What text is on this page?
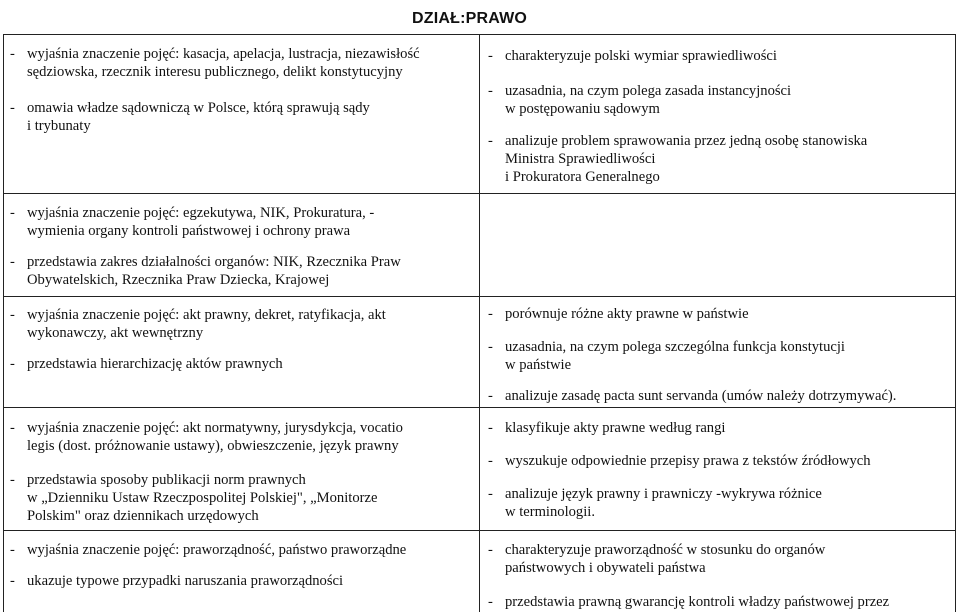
DZIAŁ:PRAWO
- wyjaśnia znaczenie pojęć: kasacja, apelacja, lustracja, niezawisłość
sędziowska, rzecznik interesu publicznego, delikt konstytucyjny
- omawia władze sądowniczą w Polsce, którą sprawują sądy
i trybunaty
- wyjaśnia znaczenie pojęć: egzekutywa, NIK, Prokuratura, -
wymienia organy kontroli państwowej i ochrony prawa
- przedstawia zakres działalności organów: NIK, Rzecznika Praw
Obywatelskich, Rzecznika Praw Dziecka, Krajowej
- wyjaśnia znaczenie pojęć: akt prawny, dekret, ratyfikacja, akt
wykonawczy, akt wewnętrzny
- przedstawia hierarchizację aktów prawnych
- wyjaśnia znaczenie pojęć: akt normatywny, jurysdykcja, vocatio
legis (dost. próżnowanie ustawy), obwieszczenie, język prawny
- przedstawia sposoby publikacji norm prawnych
w „Dzienniku Ustaw Rzeczpospolitej Polskiej", „Monitorze
Polskim" oraz dziennikach urzędowych
- wyjaśnia znaczenie pojęć: praworządność, państwo praworządne
- ukazuje typowe przypadki naruszania praworządności
- charakteryzuje polski wymiar sprawiedliwości
- uzasadnia, na czym polega zasada instancyjności
w postępowaniu sądowym
- analizuje problem sprawowania przez jedną osobę stanowiska
Ministra Sprawiedliwości
i Prokuratora Generalnego
- porównuje różne akty prawne w państwie
- uzasadnia, na czym polega szczególna funkcja konstytucji
w państwie
- analizuje zasadę pacta sunt servanda (umów należy dotrzymywać).
- klasyfikuje akty prawne według rangi
- wyszukuje odpowiednie przepisy prawa z tekstów źródłowych
- analizuje język prawny i prawniczy -wykrywa różnice
w terminologii.
- charakteryzuje praworządność w stosunku do organów
państwowych i obywateli państwa
- przedstawia prawną gwarancję kontroli władzy państwowej przez
